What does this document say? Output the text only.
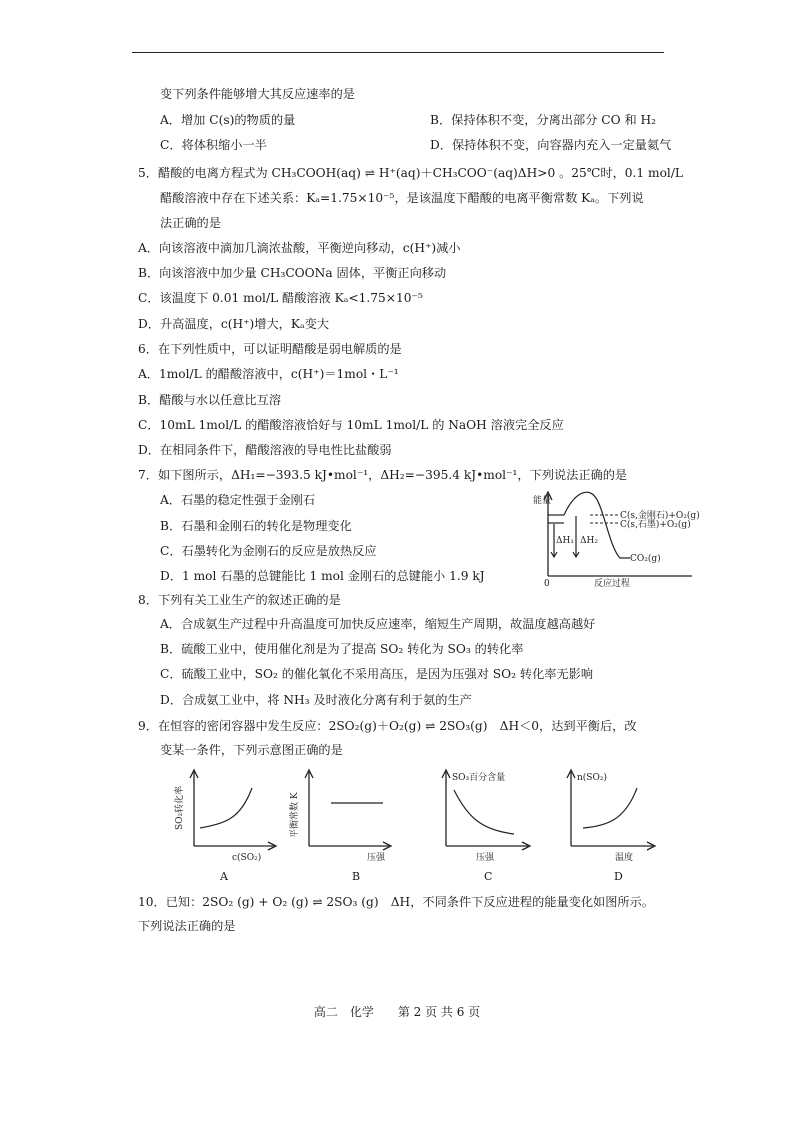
变下列条件能够增大其反应速率的是
A．增加 C(s)的物质的量	B．保持体积不变，分离出部分 CO 和 H₂
C．将体积缩小一半	D．保持体积不变，向容器内充入一定量氦气
5．醋酸的电离方程式为 CH₃COOH(aq) ⇌ H⁺(aq)＋CH₃COO⁻(aq)ΔH>0 。25℃时，0.1 mol/L
醋酸溶液中存在下述关系：Kₐ=1.75×10⁻⁵，是该温度下醋酸的电离平衡常数 Kₐ。下列说
法正确的是
A．向该溶液中滴加几滴浓盐酸，平衡逆向移动，c(H⁺)减小
B．向该溶液中加少量 CH₃COONa 固体，平衡正向移动
C．该温度下 0.01 mol/L 醋酸溶液 Kₐ<1.75×10⁻⁵
D．升高温度，c(H⁺)增大，Kₐ变大
6．在下列性质中，可以证明醋酸是弱电解质的是
A．1mol/L 的醋酸溶液中，c(H⁺)＝1mol・L⁻¹
B．醋酸与水以任意比互溶
C．10mL 1mol/L 的醋酸溶液恰好与 10mL 1mol/L 的 NaOH 溶液完全反应
D．在相同条件下，醋酸溶液的导电性比盐酸弱
7．如下图所示，ΔH₁=−393.5 kJ•mol⁻¹，ΔH₂=−395.4 kJ•mol⁻¹，下列说法正确的是
A．石墨的稳定性强于金刚石
B．石墨和金刚石的转化是物理变化
C．石墨转化为金刚石的反应是放热反应
D．1 mol 石墨的总键能比 1 mol 金刚石的总键能小 1.9 kJ
能量
0	反应过程
C(s,金刚石)+O₂(g)
C(s,石墨)+O₂(g)
CO₂(g)
ΔH₁ ΔH₂
8．下列有关工业生产的叙述正确的是
A．合成氨生产过程中升高温度可加快反应速率，缩短生产周期，故温度越高越好
B．硫酸工业中，使用催化剂是为了提高 SO₂ 转化为 SO₃ 的转化率
C．硫酸工业中，SO₂ 的催化氧化不采用高压，是因为压强对 SO₂ 转化率无影响
D．合成氨工业中，将 NH₃ 及时液化分离有利于氨的生产
9．在恒容的密闭容器中发生反应：2SO₂(g)＋O₂(g) ⇌ 2SO₃(g)　ΔH＜0，达到平衡后，改
变某一条件，下列示意图正确的是
SO₂转化率
c(SO₂)
平衡常数 K
压强
SO₃百分含量
压强
n(SO₂)
温度
A	B	C	D
10．已知：2SO₂ (g) + O₂ (g) ⇌ 2SO₃ (g)　ΔH，不同条件下反应进程的能量变化如图所示。
下列说法正确的是
高二　化学　　第 2 页 共 6 页
